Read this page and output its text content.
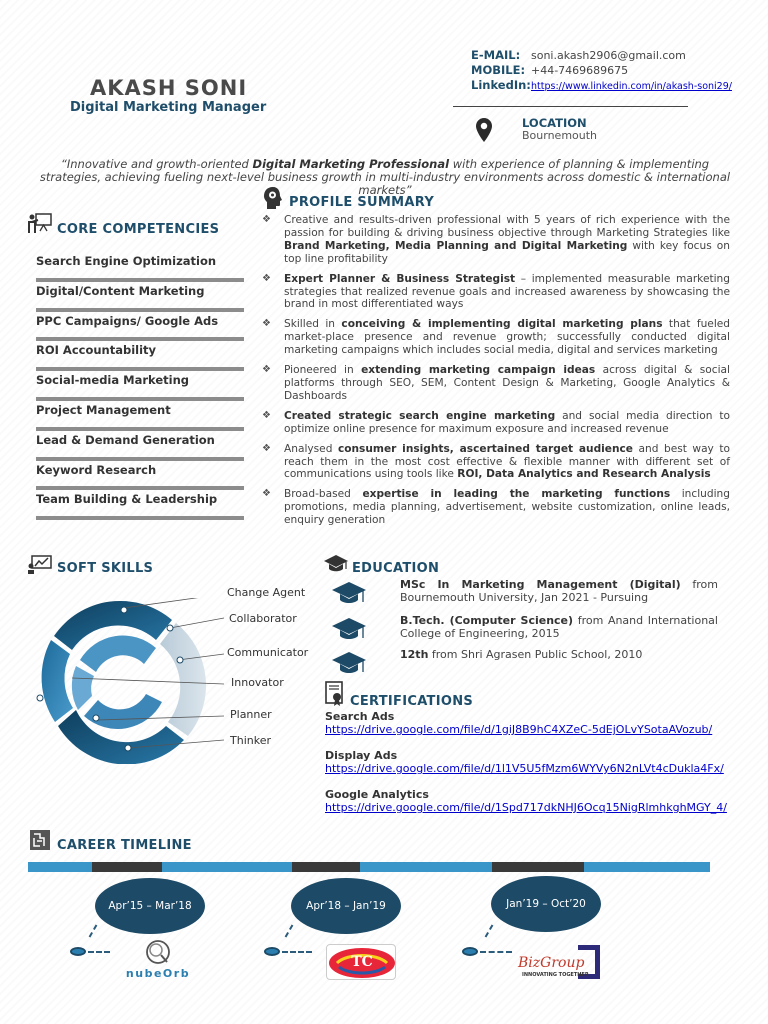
AKASH SONI
Digital Marketing Manager
E-MAIL: soni.akash2906@gmail.com
MOBILE: +44-7469689675
LinkedIn:https://www.linkedin.com/in/akash-soni29/
LOCATION
Bournemouth
“Innovative and growth-oriented Digital Marketing Professional with experience of planning & implementing strategies, achieving fueling next-level business growth in multi-industry environments across domestic & international markets”
CORE COMPETENCIES
Search Engine Optimization
Digital/Content Marketing
PPC Campaigns/ Google Ads
ROI Accountability
Social-media Marketing
Project Management
Lead & Demand Generation
Keyword Research
Team Building & Leadership
PROFILE SUMMARY
❖ Creative and results-driven professional with 5 years of rich experience with the passion for building & driving business objective through Marketing Strategies like Brand Marketing, Media Planning and Digital Marketing with key focus on top line profitability
❖ Expert Planner & Business Strategist – implemented measurable marketing strategies that realized revenue goals and increased awareness by showcasing the brand in most differentiated ways
❖ Skilled in conceiving & implementing digital marketing plans that fueled market-place presence and revenue growth; successfully conducted digital marketing campaigns which includes social media, digital and services marketing
❖ Pioneered in extending marketing campaign ideas across digital & social platforms through SEO, SEM, Content Design & Marketing, Google Analytics & Dashboards
❖ Created strategic search engine marketing and social media direction to optimize online presence for maximum exposure and increased revenue
❖ Analysed consumer insights, ascertained target audience and best way to reach them in the most cost effective & flexible manner with different set of communications using tools like ROI, Data Analytics and Research Analysis
❖ Broad-based expertise in leading the marketing functions including promotions, media planning, advertisement, website customization, online leads, enquiry generation
SOFT SKILLS
Change Agent
Collaborator
Communicator
Innovator
Planner
Thinker
EDUCATION
MSc In Marketing Management (Digital) from Bournemouth University, Jan 2021 - Pursuing
B.Tech. (Computer Science) from Anand International College of Engineering, 2015
12th from Shri Agrasen Public School, 2010
CERTIFICATIONS
Search Ads
https://drive.google.com/file/d/1giJ8B9hC4XZeC-5dEjOLvYSotaAVozub/
Display Ads
https://drive.google.com/file/d/1l1V5U5fMzm6WYVy6N2nLVt4cDukla4Fx/
Google Analytics
https://drive.google.com/file/d/1Spd717dkNHJ6Ocq15NigRlmhkghMGY_4/
CAREER TIMELINE
Apr’15 – Mar’18
nubeOrb
Apr’18 – Jan’19
TC
Jan’19 – Oct’20
BizGroup
INNOVATING TOGETHER
